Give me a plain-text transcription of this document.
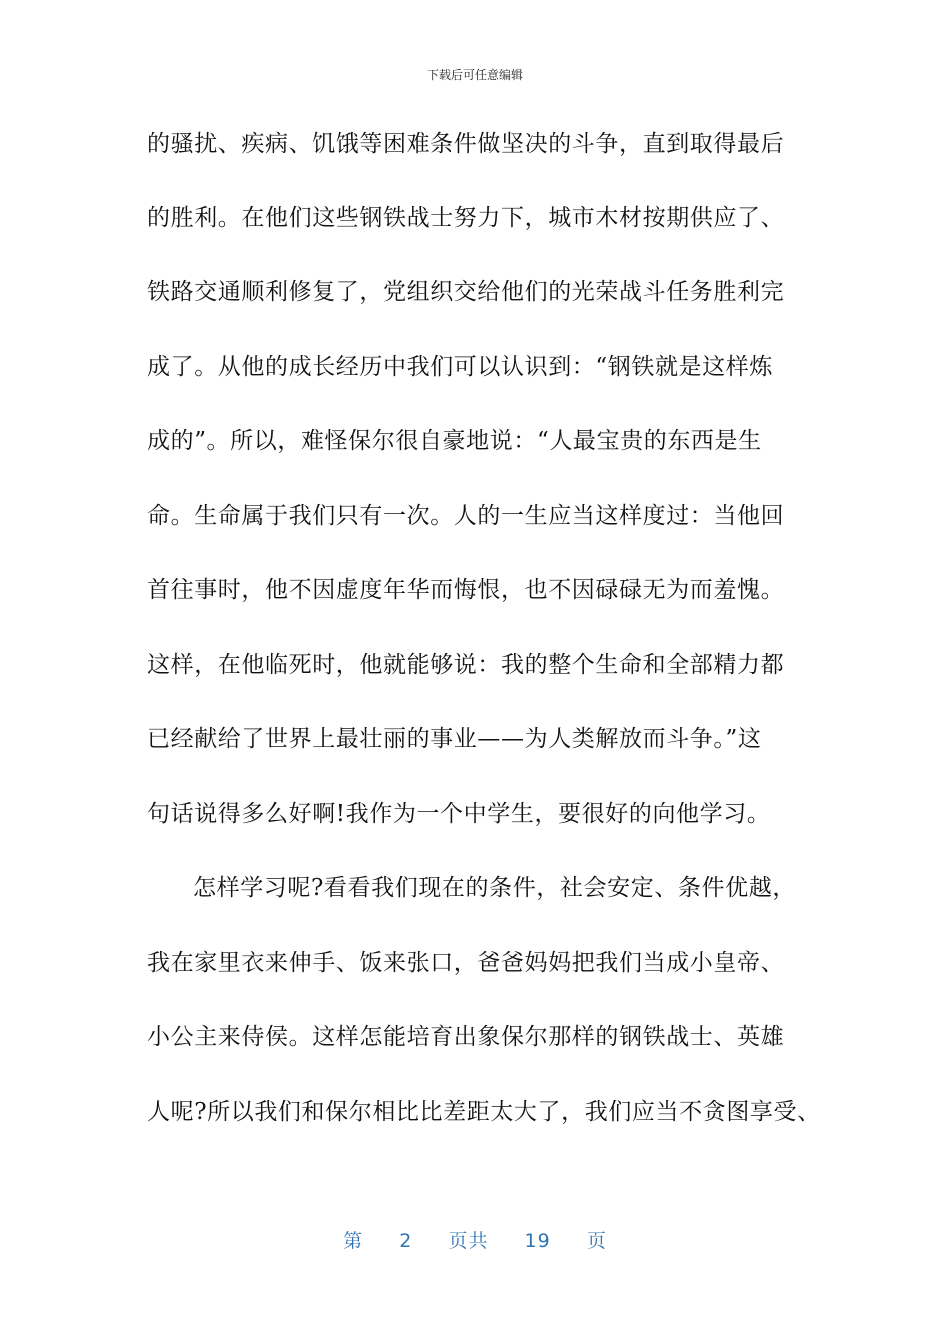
下载后可任意编辑
的骚扰、疾病、饥饿等困难条件做坚决的斗争，直到取得最后
的胜利。在他们这些钢铁战士努力下，城市木材按期供应了、
铁路交通顺利修复了，党组织交给他们的光荣战斗任务胜利完
成了。从他的成长经历中我们可以认识到：“钢铁就是这样炼
成的”。所以，难怪保尔很自豪地说：“人最宝贵的东西是生
命。生命属于我们只有一次。人的一生应当这样度过：当他回
首往事时，他不因虚度年华而悔恨，也不因碌碌无为而羞愧。
这样，在他临死时，他就能够说：我的整个生命和全部精力都
已经献给了世界上最壮丽的事业——为人类解放而斗争。”这
句话说得多么好啊!我作为一个中学生，要很好的向他学习。
怎样学习呢?看看我们现在的条件，社会安定、条件优越，
我在家里衣来伸手、饭来张口，爸爸妈妈把我们当成小皇帝、
小公主来侍侯。这样怎能培育出象保尔那样的钢铁战士、英雄
人呢?所以我们和保尔相比比差距太大了，我们应当不贪图享受、
第 2 页共 19 页
